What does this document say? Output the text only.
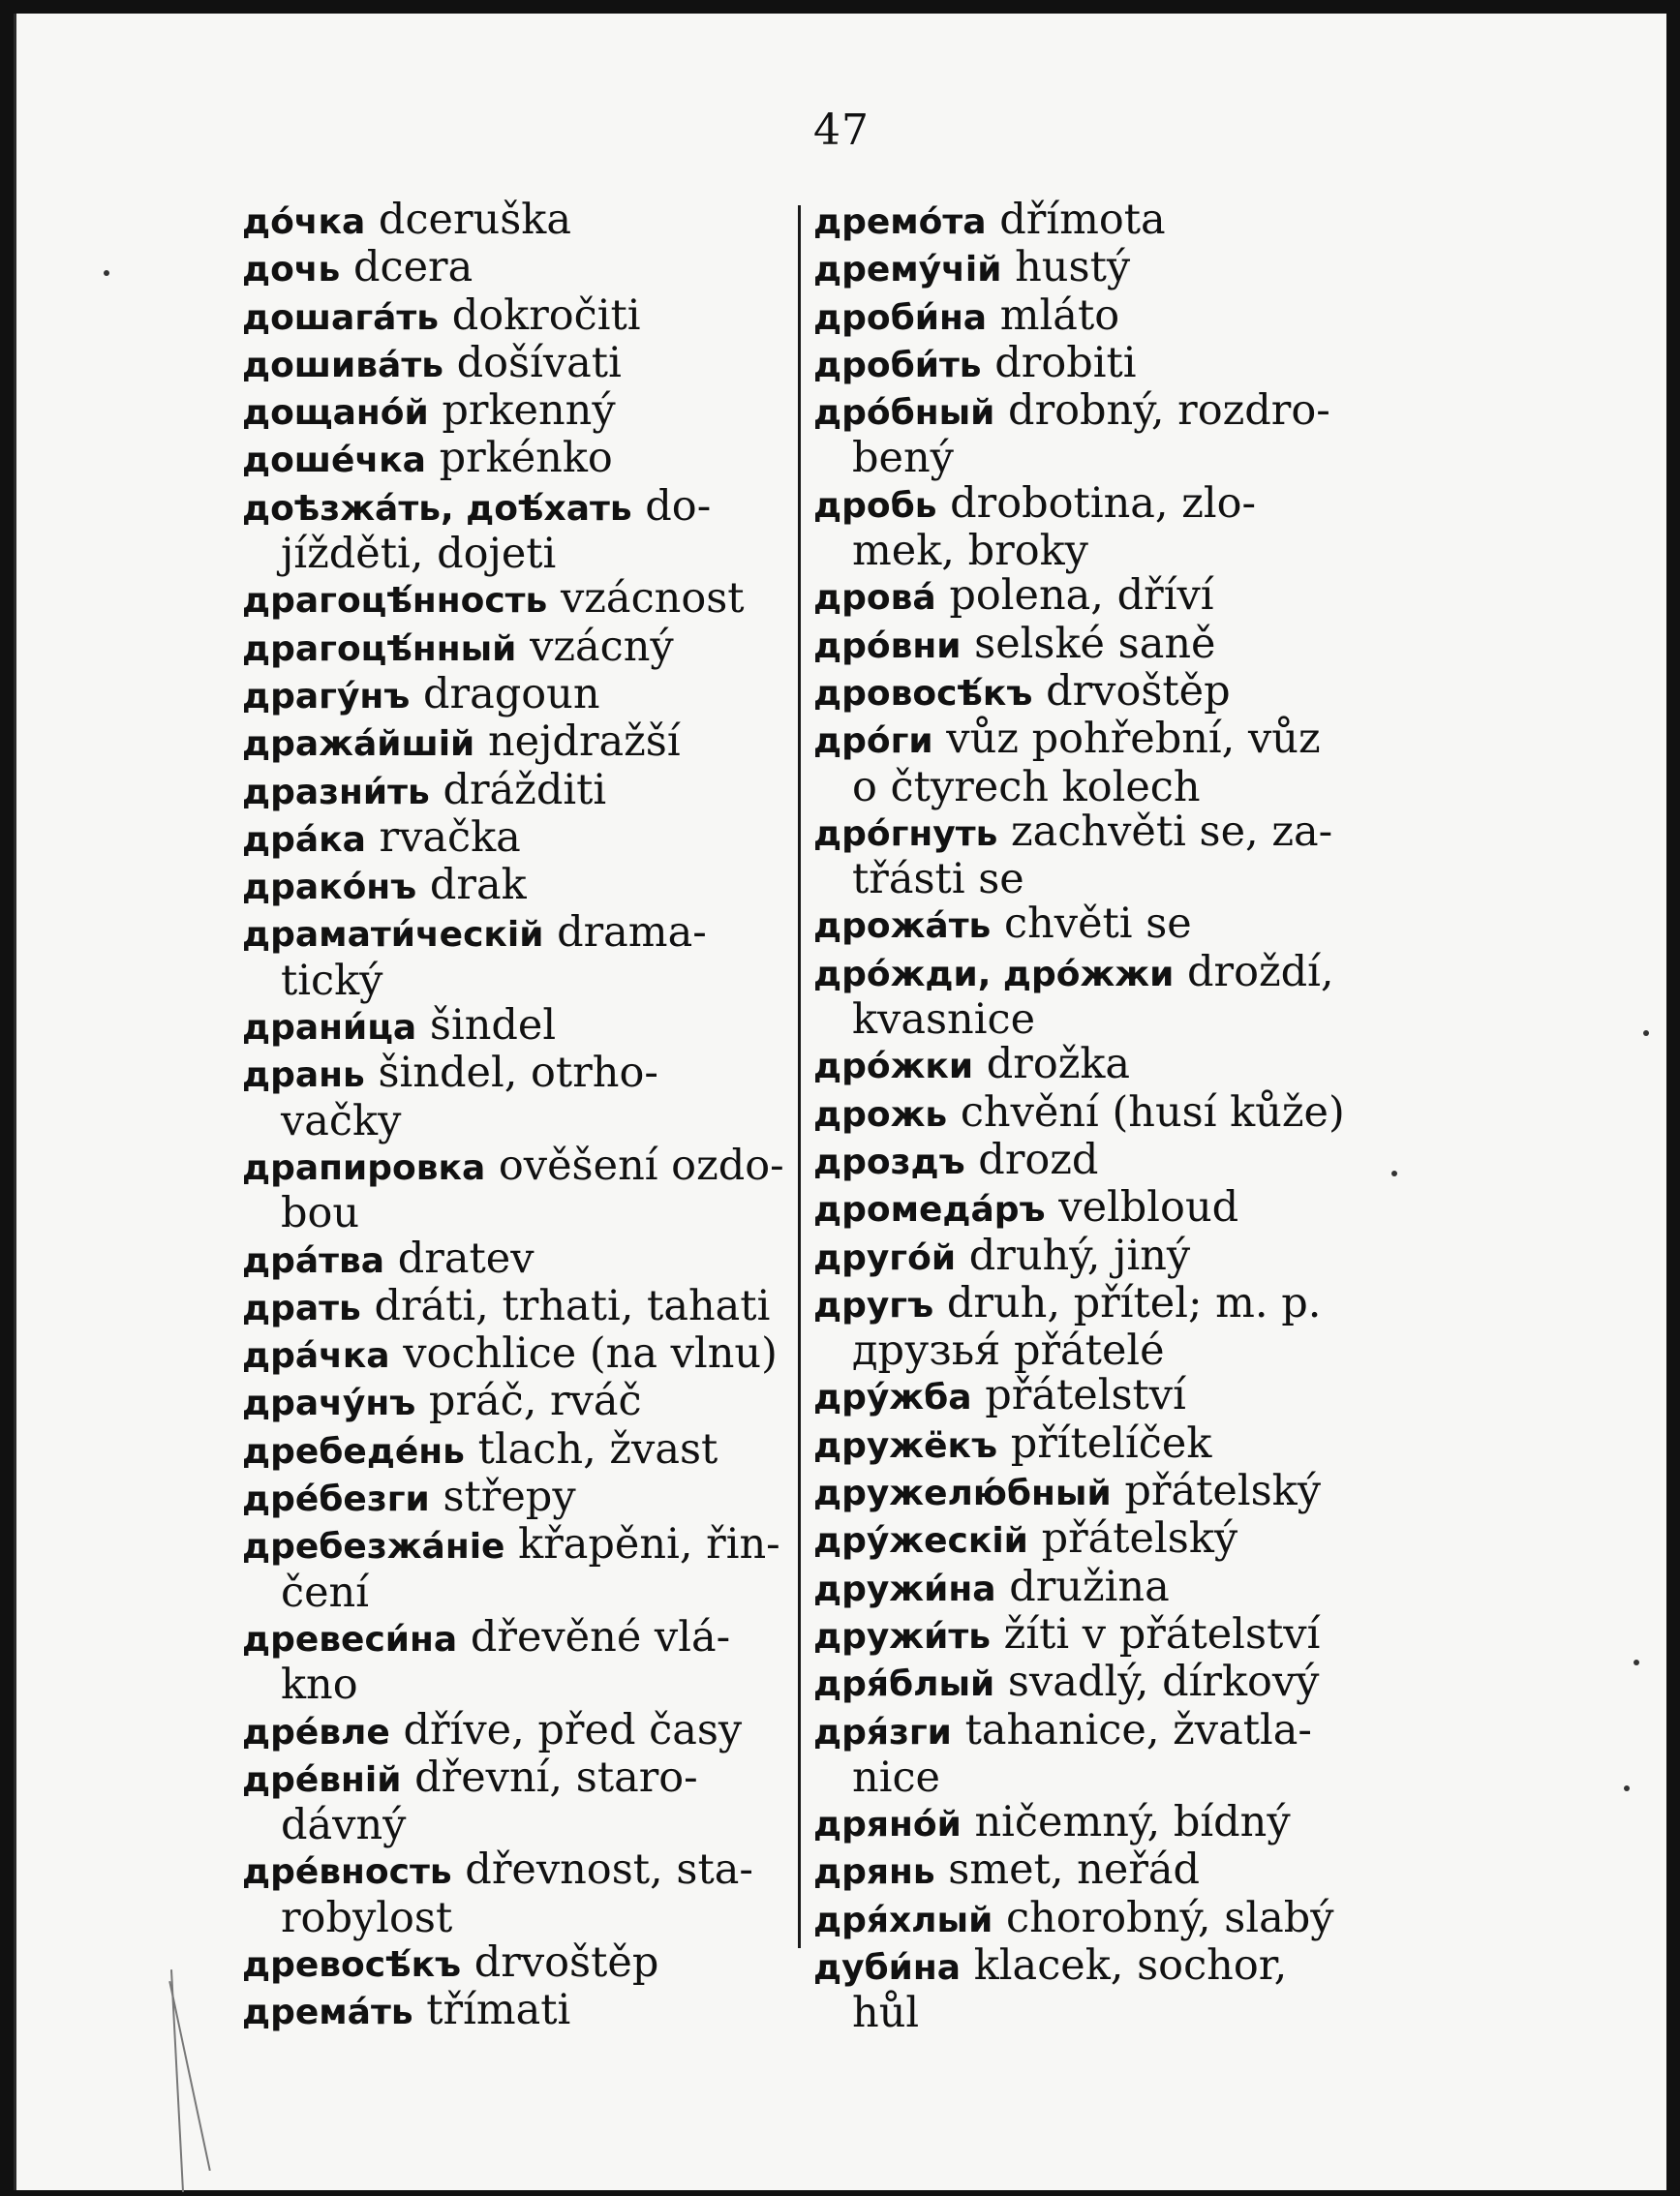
47
до́чка dceruška
дочь dcera
дошага́ть dokročiti
дошива́ть došívati
дощано́й prkenný
доше́чка prkénko
доѣзжа́ть, доѣ́хать do-
jížděti, dojeti
драгоцѣ́нность vzácnost
драгоцѣ́нный vzácný
драгу́нъ dragoun
дража́йшій nejdražší
дразни́ть drážditi
дра́ка rvačka
драко́нъ drak
драмати́ческій drama-
tický
драни́ца šindel
дрань šindel, otrho-
vačky
драпировка ověšení ozdo-
bou
дра́тва dratev
драть dráti, trhati, tahati
дра́чка vochlice (na vlnu)
драчу́нъ práč, rváč
дребеде́нь tlach, žvast
дре́безги střepy
дребезжа́ніе křapěni, řin-
čení
древеси́на dřevěné vlá-
kno
дре́вле dříve, před časy
дре́вній dřevní, staro-
dávný
дре́вность dřevnost, sta-
robylost
древосѣ́къ drvoštěp
дрема́ть třímati
дремо́та dřímota
дрему́чій hustý
дроби́на mláto
дроби́ть drobiti
дро́бный drobný, rozdro-
bený
дробь drobotina, zlo-
mek, broky
дрова́ polena, dříví
дро́вни selské saně
дровосѣ́къ drvoštěp
дро́ги vůz pohřební, vůz
o čtyrech kolech
дро́гнуть zachvěti se, za-
třásti se
дрожа́ть chvěti se
дро́жди, дро́жжи droždí,
kvasnice
дро́жки drožka
дрожь chvění (husí kůže)
дроздъ drozd
дромеда́ръ velbloud
друго́й druhý, jiný
другъ druh, přítel; m. p.
друзья́ přátelé
дру́жба přátelství
дружёкъ přítelíček
дружелю́бный přátelský
дру́жескій přátelský
дружи́на družina
дружи́ть žíti v přátelství
дря́блый svadlý, dírkový
дря́зги tahanice, žvatla-
nice
дряно́й ničemný, bídný
дрянь smet, neřád
дря́хлый chorobný, slabý
дуби́на klacek, sochor,
hůl
